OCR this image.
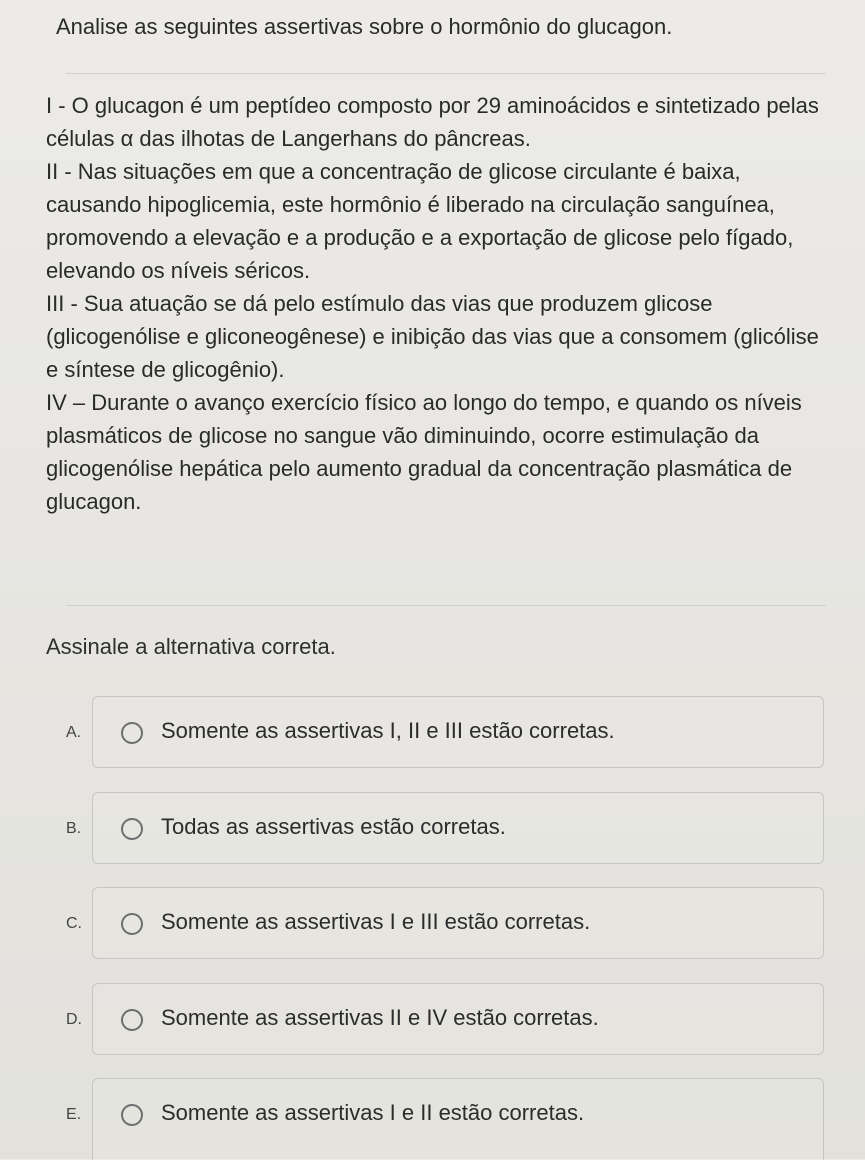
Analise as seguintes assertivas sobre o hormônio do glucagon.

I - O glucagon é um peptídeo composto por 29 aminoácidos e sintetizado pelas células α das ilhotas de Langerhans do pâncreas.

II - Nas situações em que a concentração de glicose circulante é baixa, causando hipoglicemia, este hormônio é liberado na circulação sanguínea, promovendo a elevação e a produção e a exportação de glicose pelo fígado, elevando os níveis séricos.

III - Sua atuação se dá pelo estímulo das vias que produzem glicose (glicogenólise e gliconeogênese) e inibição das vias que a consomem (glicólise e síntese de glicogênio).

IV – Durante o avanço exercício físico ao longo do tempo, e quando os níveis plasmáticos de glicose no sangue vão diminuindo, ocorre estimulação da glicogenólise hepática pelo aumento gradual da concentração plasmática de glucagon.

Assinale a alternativa correta.
A.	Somente as assertivas I, II e III estão corretas.
B.	Todas as assertivas estão corretas.
C.	Somente as assertivas I e III estão corretas.
D.	Somente as assertivas II e IV estão corretas.
E.	Somente as assertivas I e II estão corretas.
